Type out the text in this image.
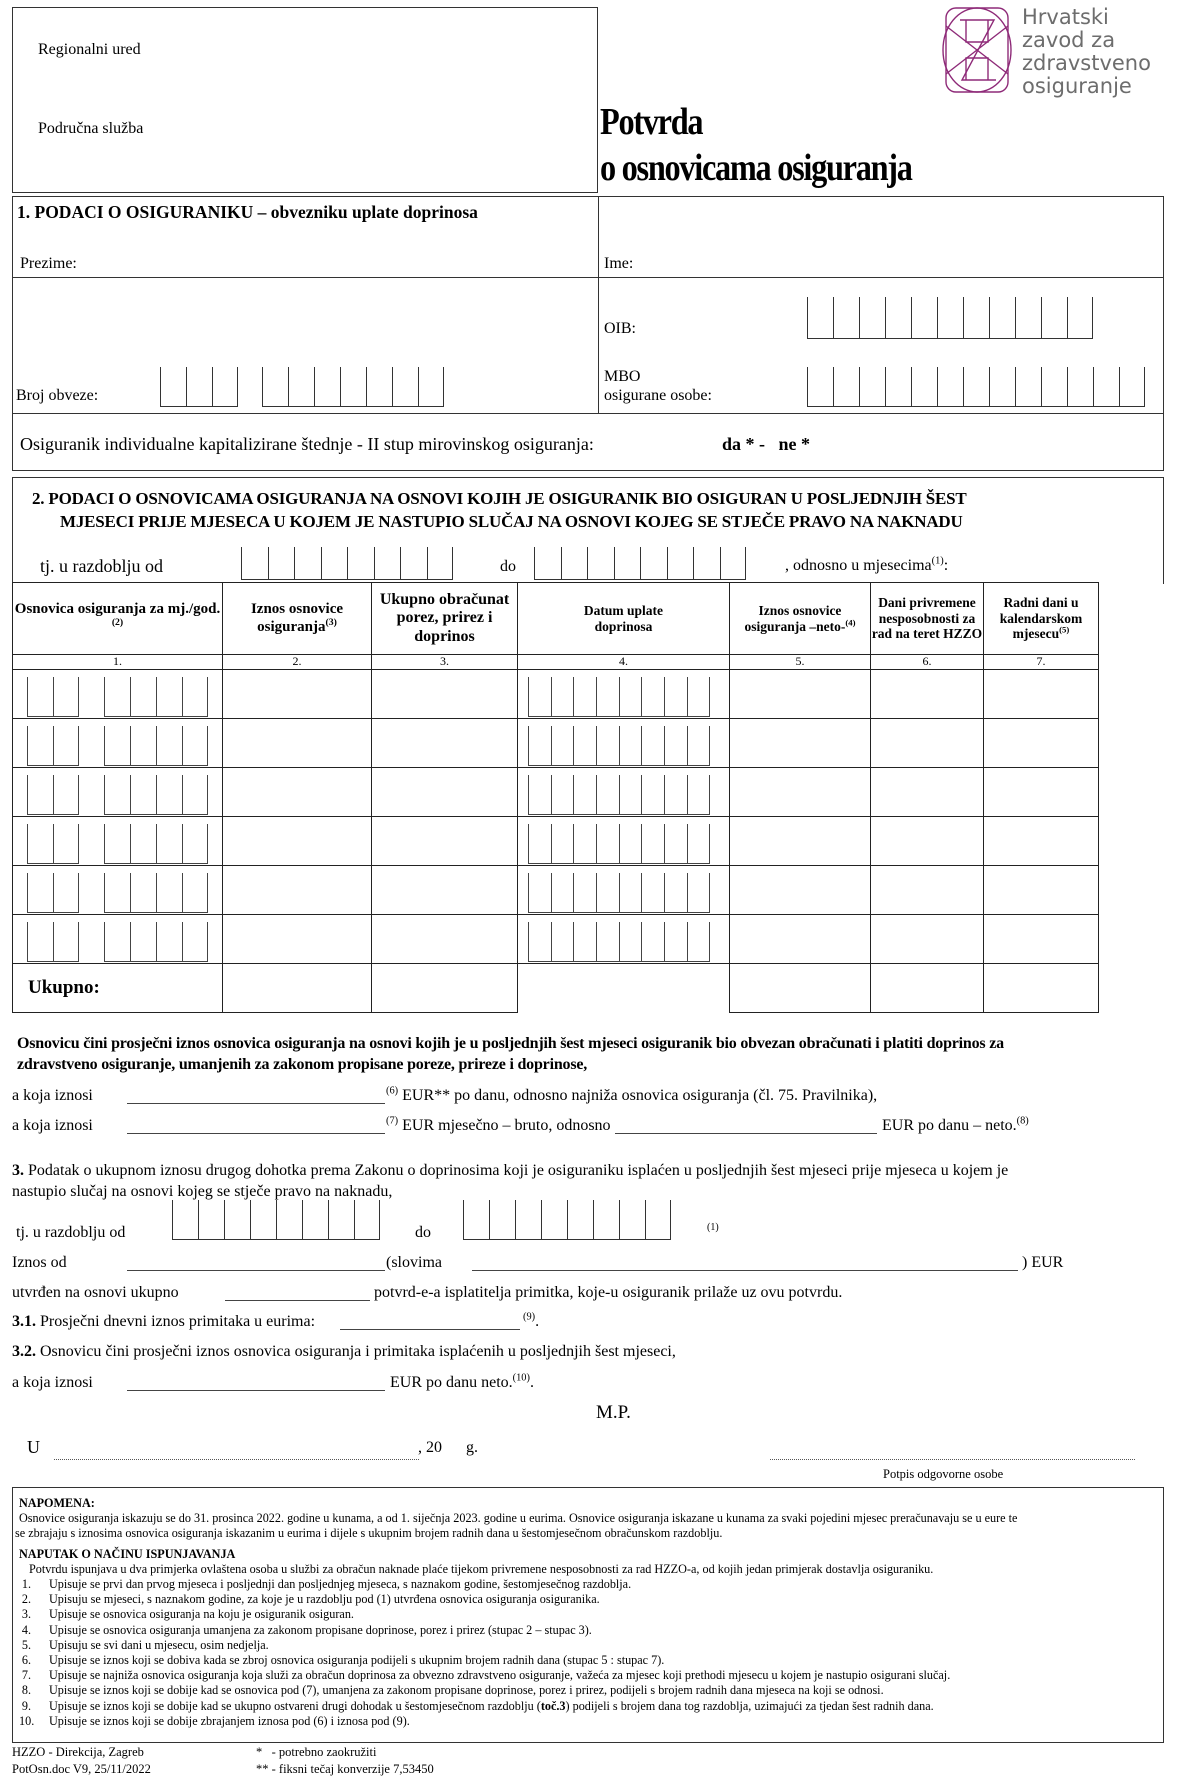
Regionalni ured
Područna služba	Potvrda
o osnovicama osiguranja
Hrvatski
zavod za
zdravstveno
osiguranje
1. PODACI O OSIGURANIKU – obvezniku uplate doprinosa
Prezime:	Ime:
OIB:
Broj obveze:
MBO
osigurane osobe:
Osiguranik individualne kapitalizirane štednje - II stup mirovinskog osiguranja:	da * -   ne *
2. PODACI O OSNOVICAMA OSIGURANJA NA OSNOVI KOJIH JE OSIGURANIK BIO OSIGURAN U POSLJEDNJIH ŠEST
MJESECI PRIJE MJESECA U KOJEM JE NASTUPIO SLUČAJ NA OSNOVI KOJEG SE STJEČE PRAVO NA NAKNADU
tj. u razdoblju od	do	, odnosno u mjesecima$^{(1)}$:
Osnovica osiguranja za mj./god.$^{(2)}$	Iznos osnovice osiguranja$^{(3)}$	Ukupno obračunat porez, prirez i doprinos	Datum uplate doprinosa	Iznos osnovice osiguranja –neto-$^{(4)}$	Dani privremene nesposobnosti za rad na teret HZZO	Radni dani u kalendarskom mjesecu$^{(5)}$
1.	2.	3.	4.	5.	6.	7.

Ukupno:						
Osnovicu čini prosječni iznos osnovica osiguranja na osnovi kojih je u posljednjih šest mjeseci osiguranik bio obvezan obračunati i platiti doprinos za
zdravstveno osiguranje, umanjenih za zakonom propisane poreze, prireze i doprinose,
a koja iznosi	$^{(6)}$ EUR** po danu, odnosno najniža osnovica osiguranja (čl. 75. Pravilnika),
a koja iznosi	$^{(7)}$ EUR mjesečno – bruto, odnosno	EUR po danu – neto.$^{(8)}$
3. Podatak o ukupnom iznosu drugog dohotka prema Zakonu o doprinosima koji je osiguraniku isplaćen u posljednjih šest mjeseci prije mjeseca u kojem je
nastupio slučaj na osnovi kojeg se stječe pravo na naknadu,
tj. u razdoblju od	do	(1)
Iznos od	(slovima	) EUR
utvrđen na osnovi ukupno	potvrd-e-a isplatitelja primitka, koje-u osiguranik prilaže uz ovu potvrdu.
3.1. Prosječni dnevni iznos primitaka u eurima:	$^{(9)}$.
3.2. Osnovicu čini prosječni iznos osnovica osiguranja i primitaka isplaćenih u posljednjih šest mjeseci,
a koja iznosi	EUR po danu neto.$^{(10)}$.
M.P.
U	, 20 g.
Potpis odgovorne osobe
NAPOMENA:
Osnovice osiguranja iskazuju se do 31. prosinca 2022. godine u kunama, a od 1. siječnja 2023. godine u eurima. Osnovice osiguranja iskazane u kunama za svaki pojedini mjesec preračunavaju se u eure te
se zbrajaju s iznosima osnovica osiguranja iskazanim u eurima i dijele s ukupnim brojem radnih dana u šestomjesečnom obračunskom razdoblju.
NAPUTAK O NAČINU ISPUNJAVANJA
Potvrdu ispunjava u dva primjerka ovlaštena osoba u službi za obračun naknade plaće tijekom privremene nesposobnosti za rad HZZO-a, od kojih jedan primjerak dostavlja osiguraniku.
1.	Upisuje se prvi dan prvog mjeseca i posljednji dan posljednjeg mjeseca, s naznakom godine, šestomjesečnog razdoblja.
2.	Upisuju se mjeseci, s naznakom godine, za koje je u razdoblju pod (1) utvrđena osnovica osiguranja osiguranika.
3.	Upisuje se osnovica osiguranja na koju je osiguranik osiguran.
4.	Upisuje se osnovica osiguranja umanjena za zakonom propisane doprinose, porez i prirez (stupac 2 – stupac 3).
5.	Upisuju se svi dani u mjesecu, osim nedjelja.
6.	Upisuje se iznos koji se dobiva kada se zbroj osnovica osiguranja podijeli s ukupnim brojem radnih dana (stupac 5 : stupac 7).
7.	Upisuje se najniža osnovica osiguranja koja služi za obračun doprinosa za obvezno zdravstveno osiguranje, važeća za mjesec koji prethodi mjesecu u kojem je nastupio osigurani slučaj.
8.	Upisuje se iznos koji se dobije kad se osnovica pod (7), umanjena za zakonom propisane doprinose, porez i prirez, podijeli s brojem radnih dana mjeseca na koji se odnosi.
9.	Upisuje se iznos koji se dobije kad se ukupno ostvareni drugi dohodak u šestomjesečnom razdoblju (toč.3) podijeli s brojem dana tog razdoblja, uzimajući za tjedan šest radnih dana.
10.	Upisuje se iznos koji se dobije zbrajanjem iznosa pod (6) i iznosa pod (9).
HZZO - Direkcija, Zagreb
PotOsn.doc V9, 25/11/2022
*   - potrebno zaokružiti
** - fiksni tečaj konverzije 7,53450
